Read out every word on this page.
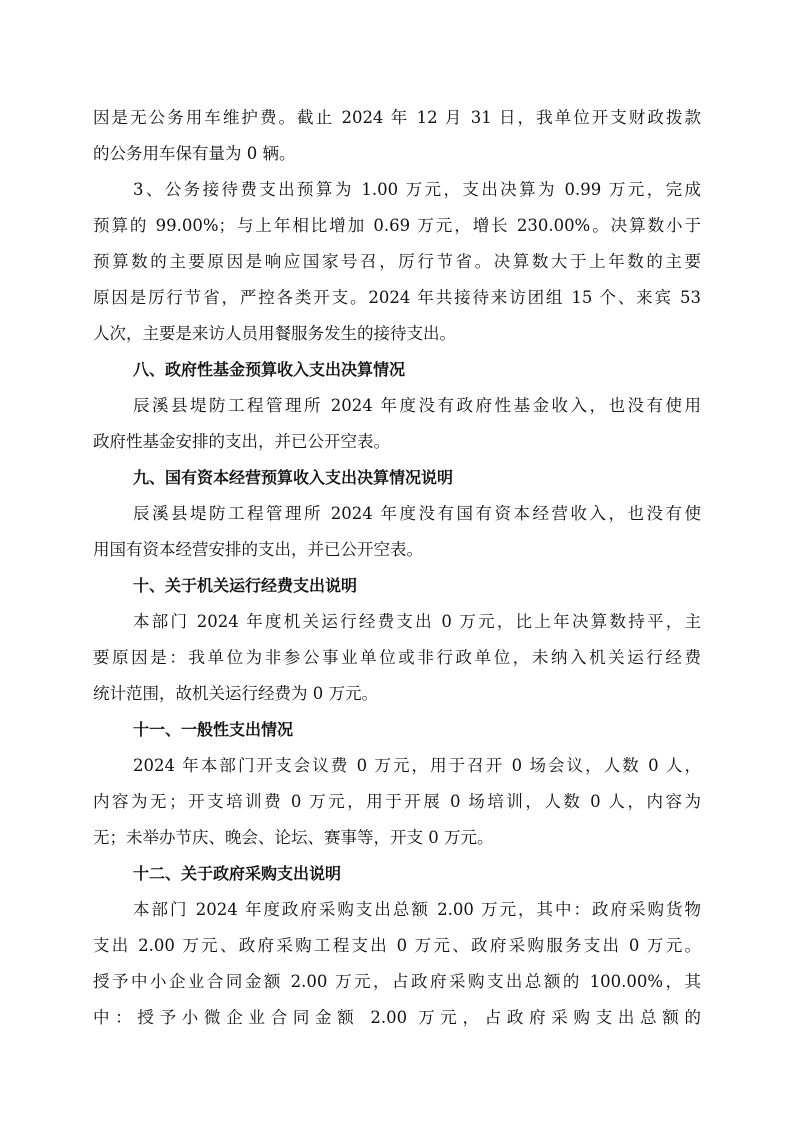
因是无公务用车维护费。截止 2024 年 12 月 31 日，我单位开支财政拨款
的公务用车保有量为 0 辆。
3、公务接待费支出预算为 1.00 万元，支出决算为 0.99 万元，完成
预算的 99.00%；与上年相比增加 0.69 万元，增长 230.00%。决算数小于
预算数的主要原因是响应国家号召，厉行节省。决算数大于上年数的主要
原因是厉行节省，严控各类开支。2024 年共接待来访团组 15 个、来宾 53
人次，主要是来访人员用餐服务发生的接待支出。
八、政府性基金预算收入支出决算情况
辰溪县堤防工程管理所 2024 年度没有政府性基金收入，也没有使用
政府性基金安排的支出，并已公开空表。
九、国有资本经营预算收入支出决算情况说明
辰溪县堤防工程管理所 2024 年度没有国有资本经营收入，也没有使
用国有资本经营安排的支出，并已公开空表。
十、关于机关运行经费支出说明
本部门 2024 年度机关运行经费支出 0 万元，比上年决算数持平，主
要原因是：我单位为非参公事业单位或非行政单位，未纳入机关运行经费
统计范围，故机关运行经费为 0 万元。
十一、一般性支出情况
2024 年本部门开支会议费 0 万元，用于召开 0 场会议，人数 0 人，
内容为无；开支培训费 0 万元，用于开展 0 场培训，人数 0 人，内容为
无；未举办节庆、晚会、论坛、赛事等，开支 0 万元。
十二、关于政府采购支出说明
本部门 2024 年度政府采购支出总额 2.00 万元，其中：政府采购货物
支出 2.00 万元、政府采购工程支出 0 万元、政府采购服务支出 0 万元。
授予中小企业合同金额 2.00 万元，占政府采购支出总额的 100.00%，其
中：授予小微企业合同金额 2.00 万元，占政府采购支出总额的
